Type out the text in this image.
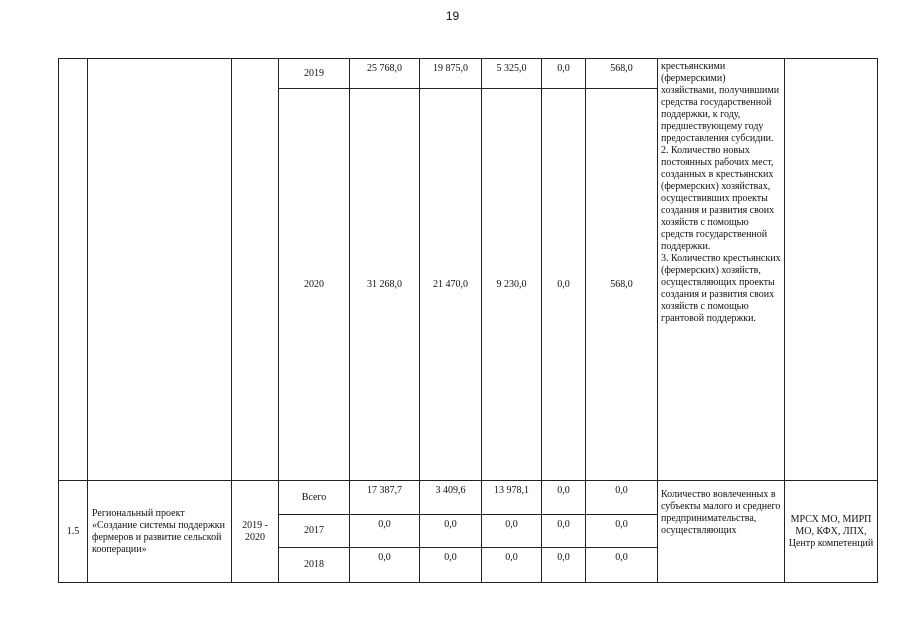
19
			2019	25 768,0	19 875,0	5 325,0	0,0	568,0	крестьянскими (фермерскими) хозяйствами, получившими средства государственной поддержки, к году, предшествующему году предоставления субсидии.
2. Количество новых постоянных рабочих мест, созданных в крестьянских (фермерских) хозяйствах, осуществивших проекты создания и развития своих хозяйств с помощью средств государственной поддержки.
3. Количество крестьянских (фермерских) хозяйств, осуществляющих проекты создания и развития своих хозяйств с помощью грантовой поддержки.	
			2020	31 268,0	21 470,0	9 230,0	0,0	568,0		
1.5	Региональный проект «Создание системы поддержки фермеров и развитие сельской кооперации»	2019 - 2020	Всего	17 387,7	3 409,6	13 978,1	0,0	0,0	Количество вовлеченных в субъекты малого и среднего предпринимательства, осуществляющих	МРСХ МО, МИРП МО, КФХ, ЛПХ, Центр компетенций
			2017	0,0	0,0	0,0	0,0	0,0		
			2018	0,0	0,0	0,0	0,0	0,0		
